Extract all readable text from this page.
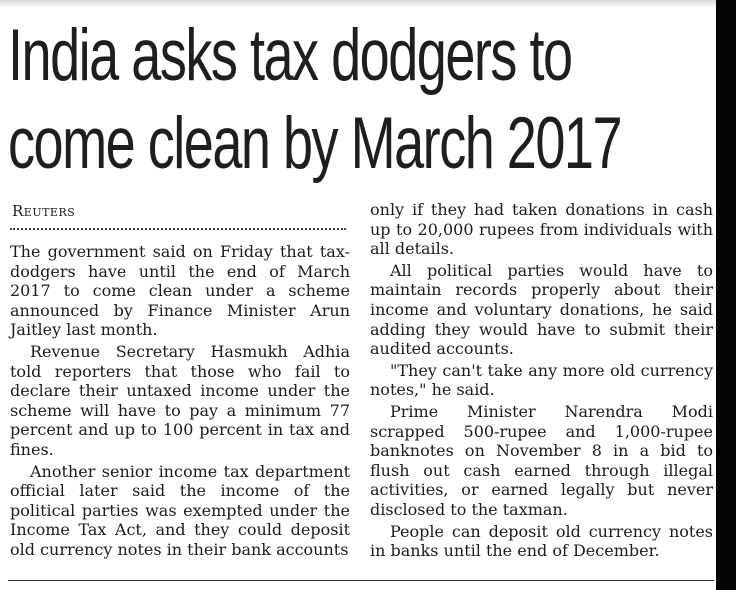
India asks tax dodgers to
come clean by March 2017
Reuters

The government said on Friday that tax-dodgers have until the end of March 2017 to come clean under a scheme announced by Finance Minister Arun Jaitley last month.

Revenue Secretary Hasmukh Adhia told reporters that those who fail to declare their untaxed income under the scheme will have to pay a minimum 77 percent and up to 100 percent in tax and fines.

Another senior income tax department official later said the income of the political parties was exempted under the Income Tax Act, and they could deposit old currency notes in their bank accounts

only if they had taken donations in cash up to 20,000 rupees from individuals with all details.

All political parties would have to maintain records properly about their income and voluntary donations, he said adding they would have to submit their audited accounts.

"They can't take any more old currency notes," he said.

Prime Minister Narendra Modi scrapped 500-rupee and 1,000-rupee banknotes on November 8 in a bid to flush out cash earned through illegal activities, or earned legally but never disclosed to the taxman.

People can deposit old currency notes in banks until the end of December.
